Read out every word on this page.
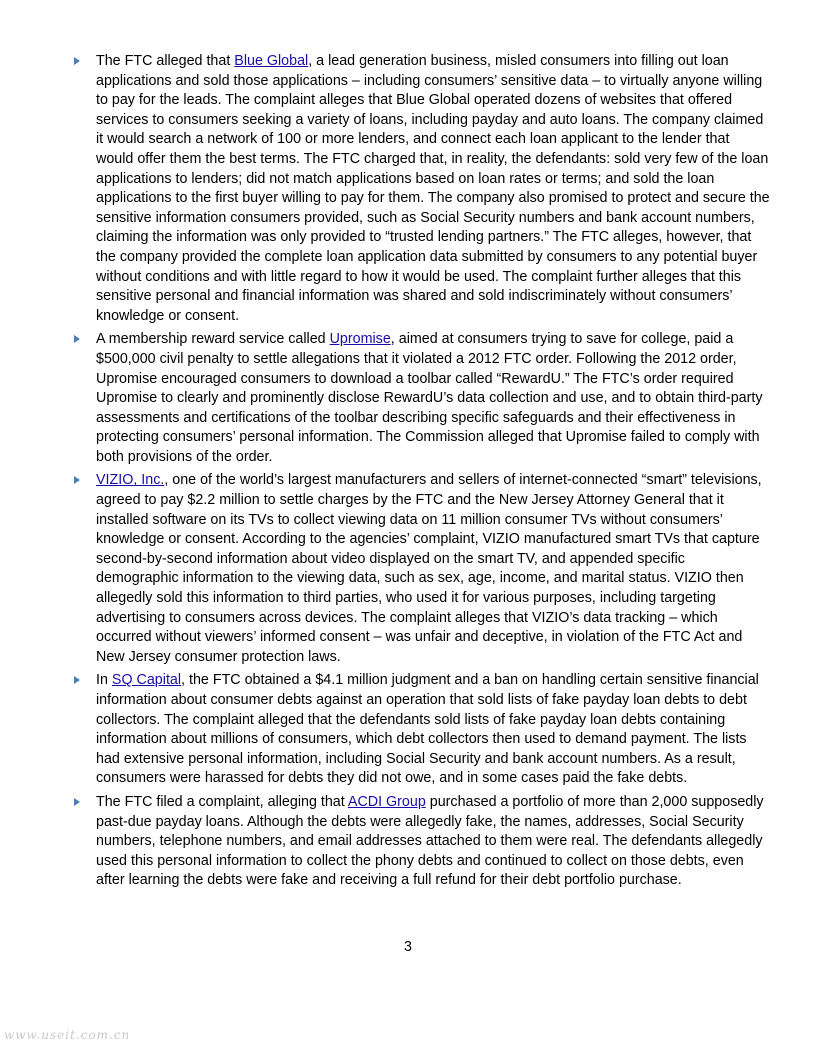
The FTC alleged that Blue Global, a lead generation business, misled consumers into filling out loan applications and sold those applications – including consumers’ sensitive data – to virtually anyone willing to pay for the leads. The complaint alleges that Blue Global operated dozens of websites that offered services to consumers seeking a variety of loans, including payday and auto loans. The company claimed it would search a network of 100 or more lenders, and connect each loan applicant to the lender that would offer them the best terms. The FTC charged that, in reality, the defendants: sold very few of the loan applications to lenders; did not match applications based on loan rates or terms; and sold the loan applications to the first buyer willing to pay for them. The company also promised to protect and secure the sensitive information consumers provided, such as Social Security numbers and bank account numbers, claiming the information was only provided to “trusted lending partners.” The FTC alleges, however, that the company provided the complete loan application data submitted by consumers to any potential buyer without conditions and with little regard to how it would be used. The complaint further alleges that this sensitive personal and financial information was shared and sold indiscriminately without consumers’ knowledge or consent.
A membership reward service called Upromise, aimed at consumers trying to save for college, paid a $500,000 civil penalty to settle allegations that it violated a 2012 FTC order. Following the 2012 order, Upromise encouraged consumers to download a toolbar called “RewardU.” The FTC’s order required Upromise to clearly and prominently disclose RewardU’s data collection and use, and to obtain third-party assessments and certifications of the toolbar describing specific safeguards and their effectiveness in protecting consumers’ personal information. The Commission alleged that Upromise failed to comply with both provisions of the order.
VIZIO, Inc., one of the world’s largest manufacturers and sellers of internet-connected “smart” televisions, agreed to pay $2.2 million to settle charges by the FTC and the New Jersey Attorney General that it installed software on its TVs to collect viewing data on 11 million consumer TVs without consumers’ knowledge or consent. According to the agencies’ complaint, VIZIO manufactured smart TVs that capture second-by-second information about video displayed on the smart TV, and appended specific demographic information to the viewing data, such as sex, age, income, and marital status. VIZIO then allegedly sold this information to third parties, who used it for various purposes, including targeting advertising to consumers across devices. The complaint alleges that VIZIO’s data tracking – which occurred without viewers’ informed consent – was unfair and deceptive, in violation of the FTC Act and New Jersey consumer protection laws.
In SQ Capital, the FTC obtained a $4.1 million judgment and a ban on handling certain sensitive financial information about consumer debts against an operation that sold lists of fake payday loan debts to debt collectors. The complaint alleged that the defendants sold lists of fake payday loan debts containing information about millions of consumers, which debt collectors then used to demand payment. The lists had extensive personal information, including Social Security and bank account numbers. As a result, consumers were harassed for debts they did not owe, and in some cases paid the fake debts.
The FTC filed a complaint, alleging that ACDI Group purchased a portfolio of more than 2,000 supposedly past-due payday loans. Although the debts were allegedly fake, the names, addresses, Social Security numbers, telephone numbers, and email addresses attached to them were real. The defendants allegedly used this personal information to collect the phony debts and continued to collect on those debts, even after learning the debts were fake and receiving a full refund for their debt portfolio purchase.
3
www.useit.com.cn
